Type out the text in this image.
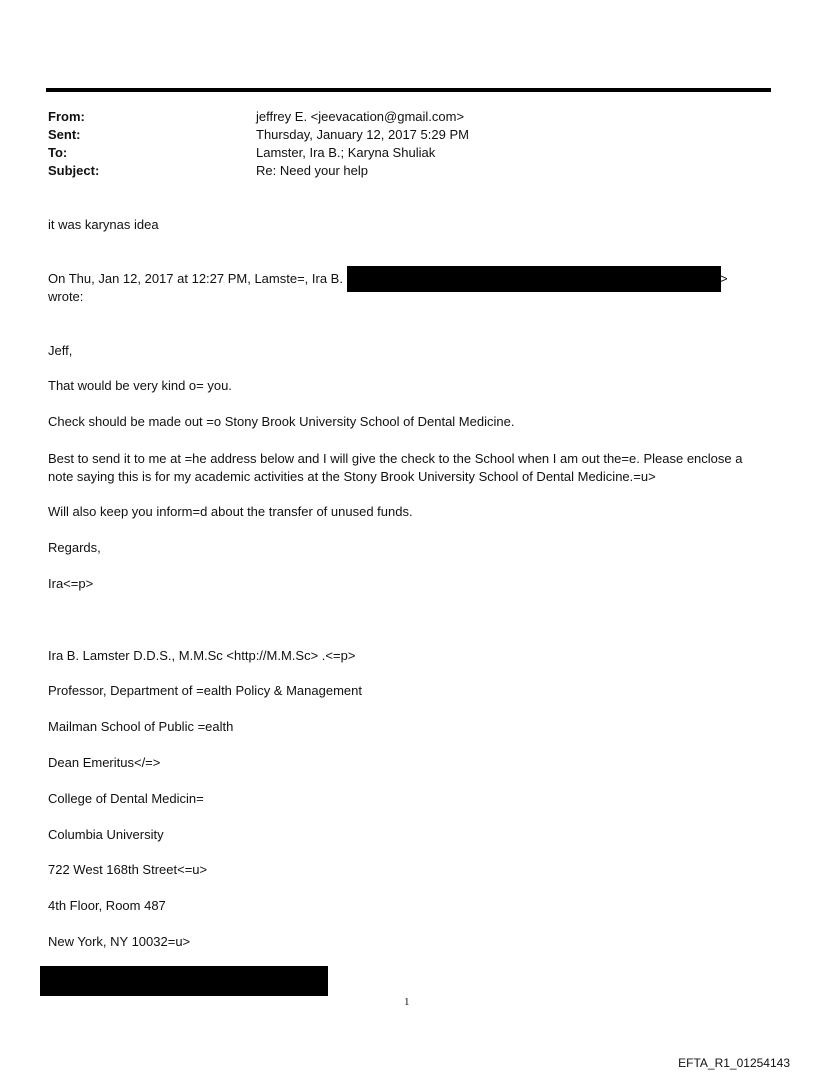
From:	jeffrey E. <jeevacation@gmail.com>
Sent:	Thursday, January 12, 2017 5:29 PM
To:	Lamster, Ira B.; Karyna Shuliak
Subject:	Re: Need your help
it was karynas idea
On Thu, Jan 12, 2017 at 12:27 PM, Lamste=, Ira B.	>
wrote:
Jeff,
That would be very kind o= you.
Check should be made out =o Stony Brook University School of Dental Medicine.
Best to send it to me at =he address below and I will give the check to the School when I am out the=e. Please enclose a note saying this is for my academic activities at the Stony Brook University School of Dental Medicine.=u>
Will also keep you inform=d about the transfer of unused funds.
Regards,
Ira<=p>
Ira B. Lamster D.D.S., M.M.Sc <http://M.M.Sc> .<=p>
Professor, Department of =ealth Policy & Management
Mailman School of Public =ealth
Dean Emeritus</=>
College of Dental Medicin=
Columbia University
722 West 168th Street<=u>
4th Floor, Room 487
New York, NY 10032=u>
1
EFTA_R1_01254143
